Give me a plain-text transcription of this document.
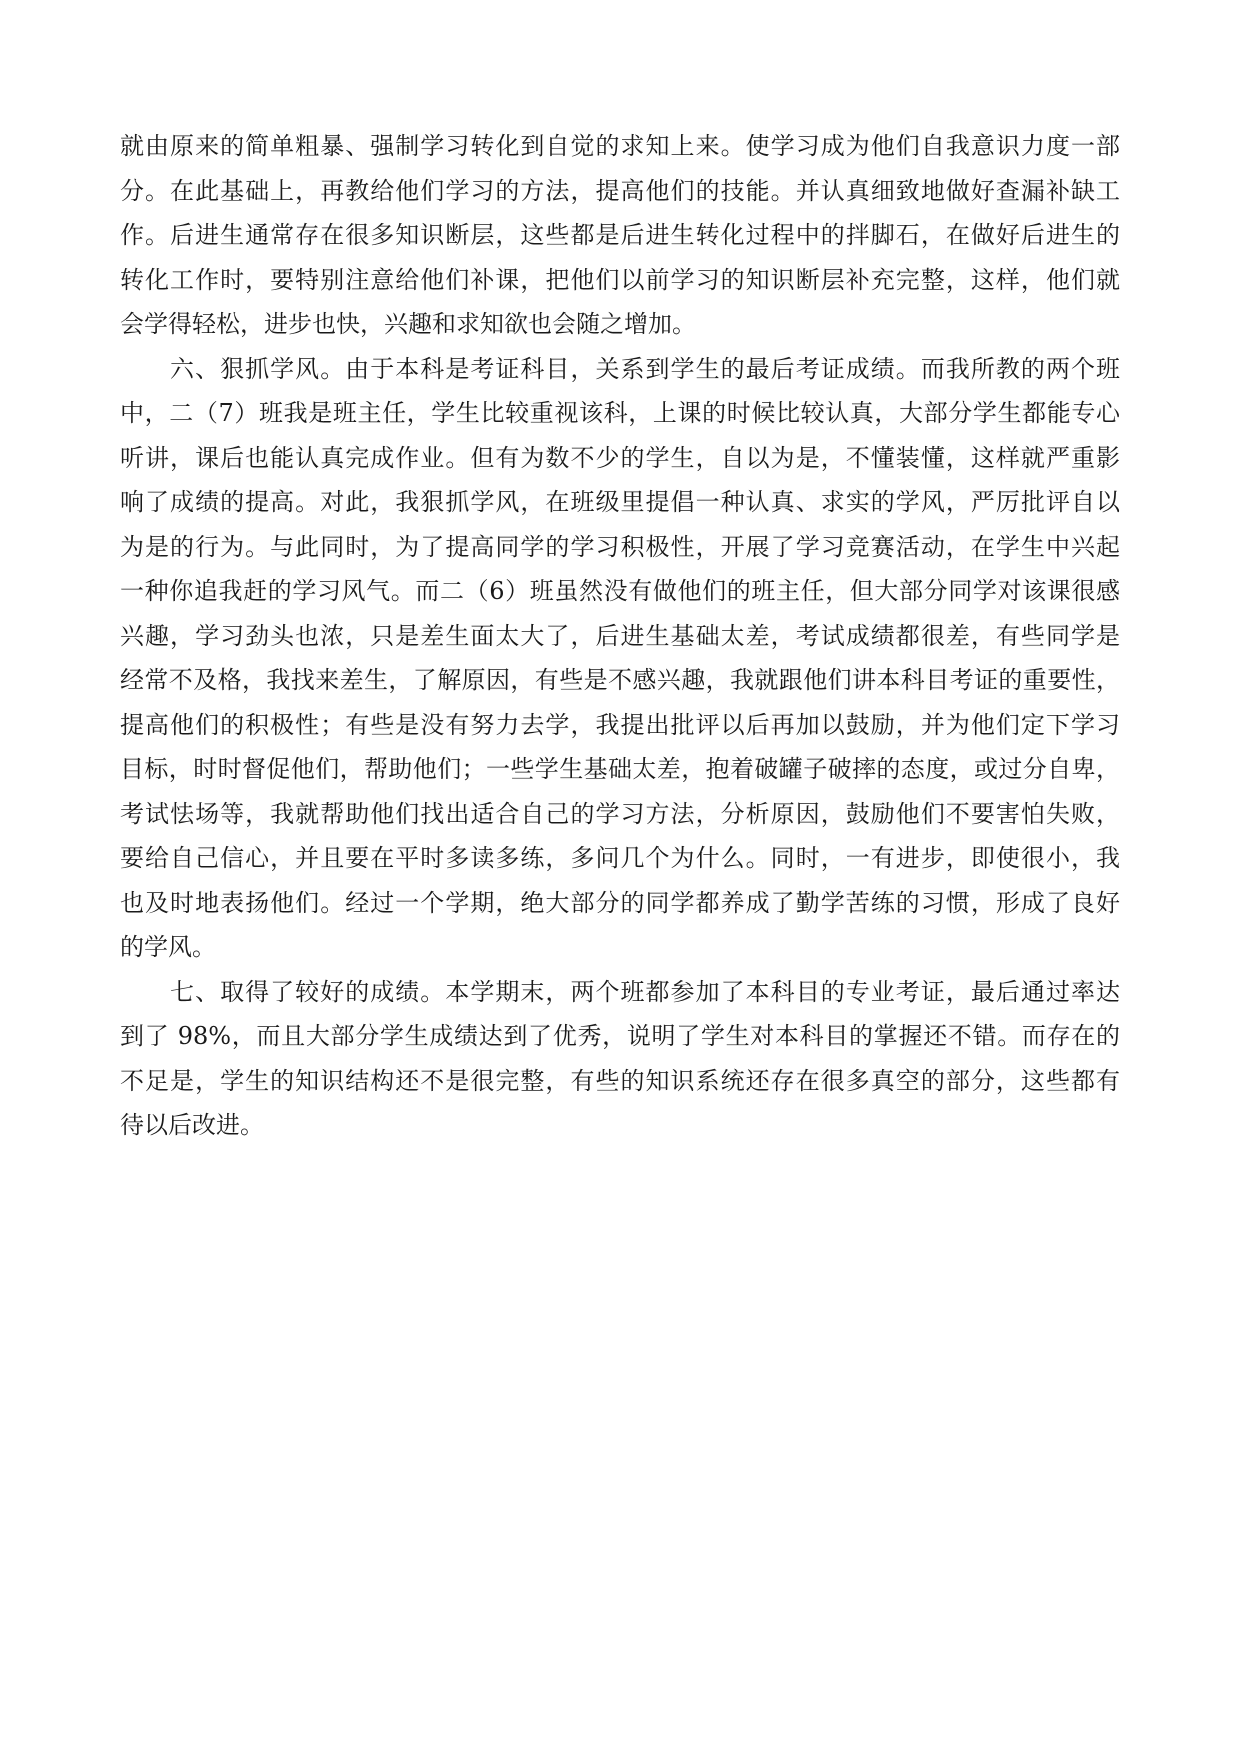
就由原来的简单粗暴、强制学习转化到自觉的求知上来。使学习成为他们自我意识力度一部
分。在此基础上，再教给他们学习的方法，提高他们的技能。并认真细致地做好查漏补缺工
作。后进生通常存在很多知识断层，这些都是后进生转化过程中的拌脚石，在做好后进生的
转化工作时，要特别注意给他们补课，把他们以前学习的知识断层补充完整，这样，他们就
会学得轻松，进步也快，兴趣和求知欲也会随之增加。
　　六、狠抓学风。由于本科是考证科目，关系到学生的最后考证成绩。而我所教的两个班
中，二（7）班我是班主任，学生比较重视该科，上课的时候比较认真，大部分学生都能专心
听讲，课后也能认真完成作业。但有为数不少的学生，自以为是，不懂装懂，这样就严重影
响了成绩的提高。对此，我狠抓学风，在班级里提倡一种认真、求实的学风，严厉批评自以
为是的行为。与此同时，为了提高同学的学习积极性，开展了学习竞赛活动，在学生中兴起
一种你追我赶的学习风气。而二（6）班虽然没有做他们的班主任，但大部分同学对该课很感
兴趣，学习劲头也浓，只是差生面太大了，后进生基础太差，考试成绩都很差，有些同学是
经常不及格，我找来差生，了解原因，有些是不感兴趣，我就跟他们讲本科目考证的重要性，
提高他们的积极性；有些是没有努力去学，我提出批评以后再加以鼓励，并为他们定下学习
目标，时时督促他们，帮助他们；一些学生基础太差，抱着破罐子破摔的态度，或过分自卑，
考试怯场等，我就帮助他们找出适合自己的学习方法，分析原因，鼓励他们不要害怕失败，
要给自己信心，并且要在平时多读多练，多问几个为什么。同时，一有进步，即使很小，我
也及时地表扬他们。经过一个学期，绝大部分的同学都养成了勤学苦练的习惯，形成了良好
的学风。
　　七、取得了较好的成绩。本学期末，两个班都参加了本科目的专业考证，最后通过率达
到了 98%，而且大部分学生成绩达到了优秀，说明了学生对本科目的掌握还不错。而存在的
不足是，学生的知识结构还不是很完整，有些的知识系统还存在很多真空的部分，这些都有
待以后改进。
